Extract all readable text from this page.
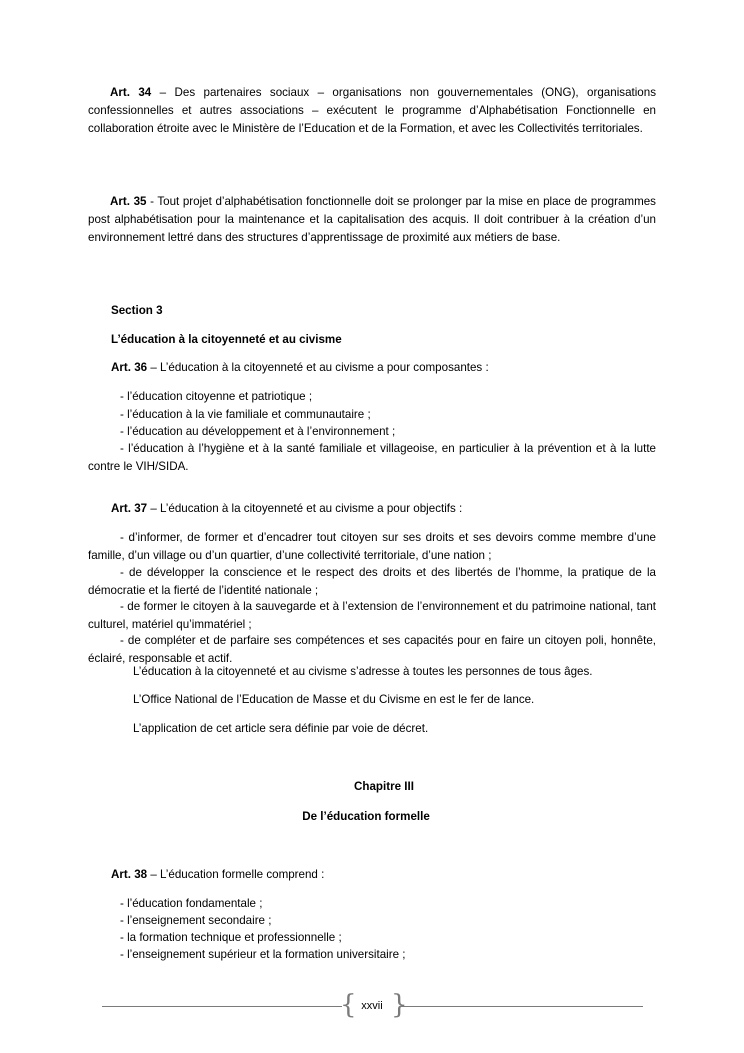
Art. 34 – Des partenaires sociaux – organisations non gouvernementales (ONG), organisations confessionnelles et autres associations – exécutent le programme d’Alphabétisation Fonctionnelle en collaboration étroite avec le Ministère de l’Education et de la Formation, et avec les Collectivités territoriales.

Art. 35 - Tout projet d’alphabétisation fonctionnelle doit se prolonger par la mise en place de programmes post alphabétisation pour la maintenance et la capitalisation des acquis. Il doit contribuer à la création d’un environnement lettré dans des structures d’apprentissage de proximité aux métiers de base.

Section 3

L’éducation à la citoyenneté et au civisme

Art. 36 – L’éducation à la citoyenneté et au civisme a pour composantes :

- l’éducation citoyenne et patriotique ;

- l’éducation à la vie familiale et communautaire ;

- l’éducation au développement et à l’environnement ;

- l’éducation à l’hygiène et à la santé familiale et villageoise, en particulier à la prévention et à la lutte contre le VIH/SIDA.

Art. 37 – L’éducation à la citoyenneté et au civisme a pour objectifs :

- d’informer, de former et d’encadrer tout citoyen sur ses droits et ses devoirs comme membre d’une famille, d’un village ou d’un quartier, d’une collectivité territoriale, d’une nation ;

- de développer la conscience et le respect des droits et des libertés de l’homme, la pratique de la démocratie et la fierté de l’identité nationale ;

- de former le citoyen à la sauvegarde et à l’extension de l’environnement et du patrimoine national, tant culturel, matériel qu’immatériel ;

- de compléter et de parfaire ses compétences et ses capacités pour en faire un citoyen poli, honnête, éclairé, responsable et actif.

L’éducation à la citoyenneté et au civisme s’adresse à toutes les personnes de tous âges.

L’Office National de l’Education de Masse et du Civisme en est le fer de lance.

L’application de cet article sera définie par voie de décret.

Chapitre III

De l’éducation formelle

Art. 38 – L’éducation formelle comprend :

- l’éducation fondamentale ;

- l’enseignement secondaire ;

- la formation technique et professionnelle ;

- l’enseignement supérieur et la formation universitaire ;

{ }
xxvii
